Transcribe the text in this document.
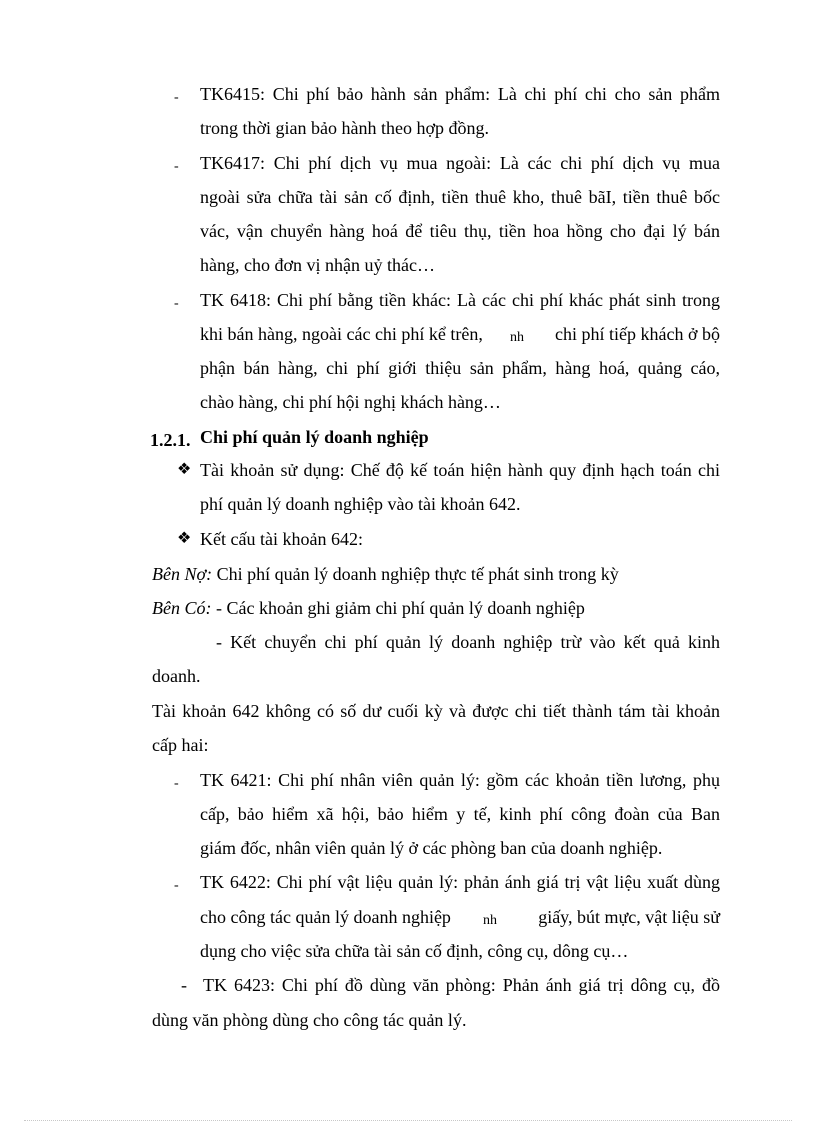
- TK6415: Chi phí bảo hành sản phẩm: Là chi phí chi cho sản phẩm
trong thời gian bảo hành theo hợp đồng.
- TK6417: Chi phí dịch vụ mua ngoài: Là các chi phí dịch vụ mua
ngoài sửa chữa tài sản cố định, tiền thuê kho, thuê bãI, tiền thuê bốc
vác, vận chuyển hàng hoá để tiêu thụ, tiền hoa hồng cho đại lý bán
hàng, cho đơn vị nhận uỷ thác…
- TK 6418: Chi phí bằng tiền khác: Là các chi phí khác phát sinh trong
khi bán hàng, ngoài các chi phí kể trên, nh	chi phí tiếp khách ở bộ
phận bán hàng, chi phí giới thiệu sản phẩm, hàng hoá, quảng cáo,
chào hàng, chi phí hội nghị khách hàng…
1.2.1. Chi phí quản lý doanh nghiệp
❖ Tài khoản sử dụng: Chế độ kế toán hiện hành quy định hạch toán chi
phí quản lý doanh nghiệp vào tài khoản 642.
❖ Kết cấu tài khoản 642:
Bên Nợ: Chi phí quản lý doanh nghiệp thực tế phát sinh trong kỳ
Bên Có: - Các khoản ghi giảm chi phí quản lý doanh nghiệp
- Kết chuyển chi phí quản lý doanh nghiệp trừ vào kết quả kinh
doanh.
Tài khoản 642 không có số dư cuối kỳ và được chi tiết thành tám tài khoản
cấp hai:
- TK 6421: Chi phí nhân viên quản lý: gồm các khoản tiền lương, phụ
cấp, bảo hiểm xã hội, bảo hiểm y tế, kinh phí công đoàn của Ban
giám đốc, nhân viên quản lý ở các phòng ban của doanh nghiệp.
- TK 6422: Chi phí vật liệu quản lý: phản ánh giá trị vật liệu xuất dùng
cho công tác quản lý doanh nghiệp nh	giấy, bút mực, vật liệu sử
dụng cho việc sửa chữa tài sản cố định, công cụ, dông cụ…
- TK 6423: Chi phí đồ dùng văn phòng: Phản ánh giá trị dông cụ, đồ
dùng văn phòng dùng cho công tác quản lý.
